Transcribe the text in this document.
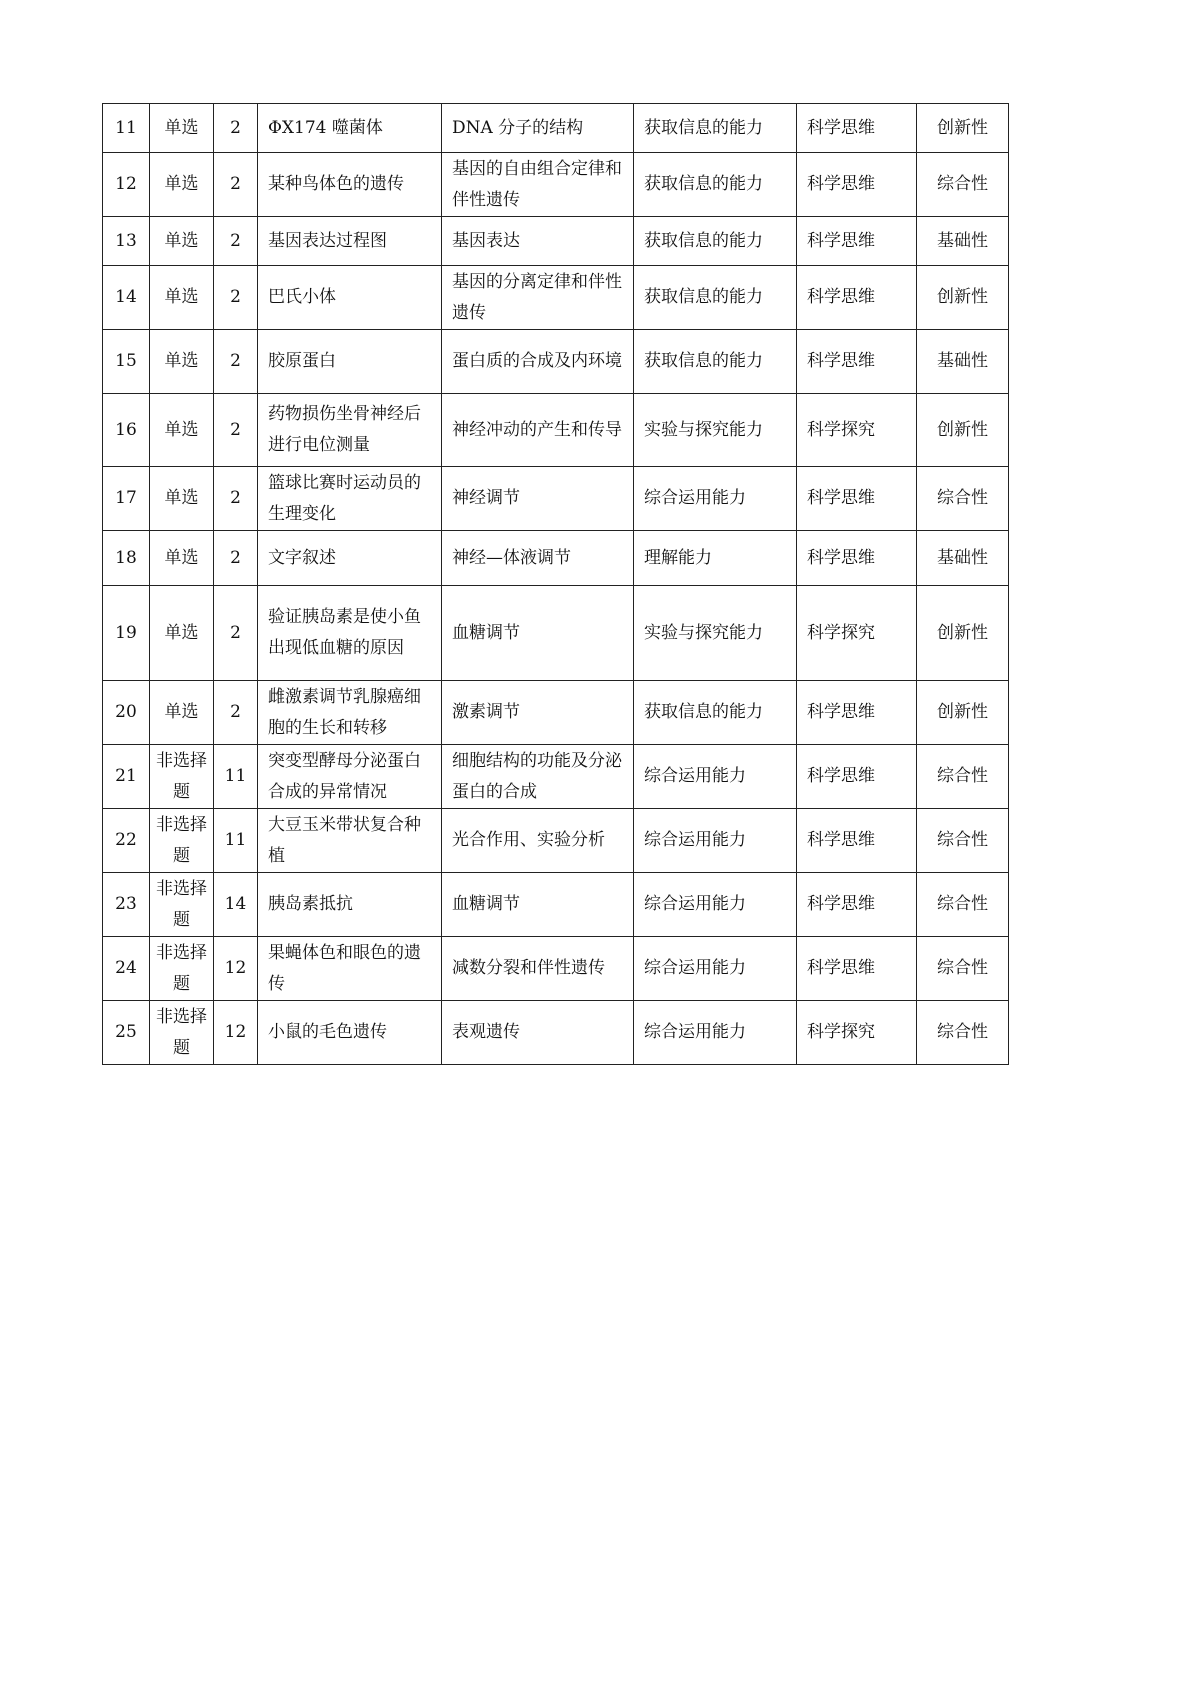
11	单选	2	ΦX174 噬菌体	DNA 分子的结构	获取信息的能力	科学思维	创新性
12	单选	2	某种鸟体色的遗传	基因的自由组合定律和伴性遗传	获取信息的能力	科学思维	综合性
13	单选	2	基因表达过程图	基因表达	获取信息的能力	科学思维	基础性
14	单选	2	巴氏小体	基因的分离定律和伴性遗传	获取信息的能力	科学思维	创新性
15	单选	2	胶原蛋白	蛋白质的合成及内环境	获取信息的能力	科学思维	基础性
16	单选	2	药物损伤坐骨神经后进行电位测量	神经冲动的产生和传导	实验与探究能力	科学探究	创新性
17	单选	2	篮球比赛时运动员的生理变化	神经调节	综合运用能力	科学思维	综合性
18	单选	2	文字叙述	神经—体液调节	理解能力	科学思维	基础性
19	单选	2	验证胰岛素是使小鱼出现低血糖的原因	血糖调节	实验与探究能力	科学探究	创新性
20	单选	2	雌激素调节乳腺癌细胞的生长和转移	激素调节	获取信息的能力	科学思维	创新性
21	非选择题	11	突变型酵母分泌蛋白合成的异常情况	细胞结构的功能及分泌蛋白的合成	综合运用能力	科学思维	综合性
22	非选择题	11	大豆玉米带状复合种植	光合作用、实验分析	综合运用能力	科学思维	综合性
23	非选择题	14	胰岛素抵抗	血糖调节	综合运用能力	科学思维	综合性
24	非选择题	12	果蝇体色和眼色的遗传	减数分裂和伴性遗传	综合运用能力	科学思维	综合性
25	非选择题	12	小鼠的毛色遗传	表观遗传	综合运用能力	科学探究	综合性
